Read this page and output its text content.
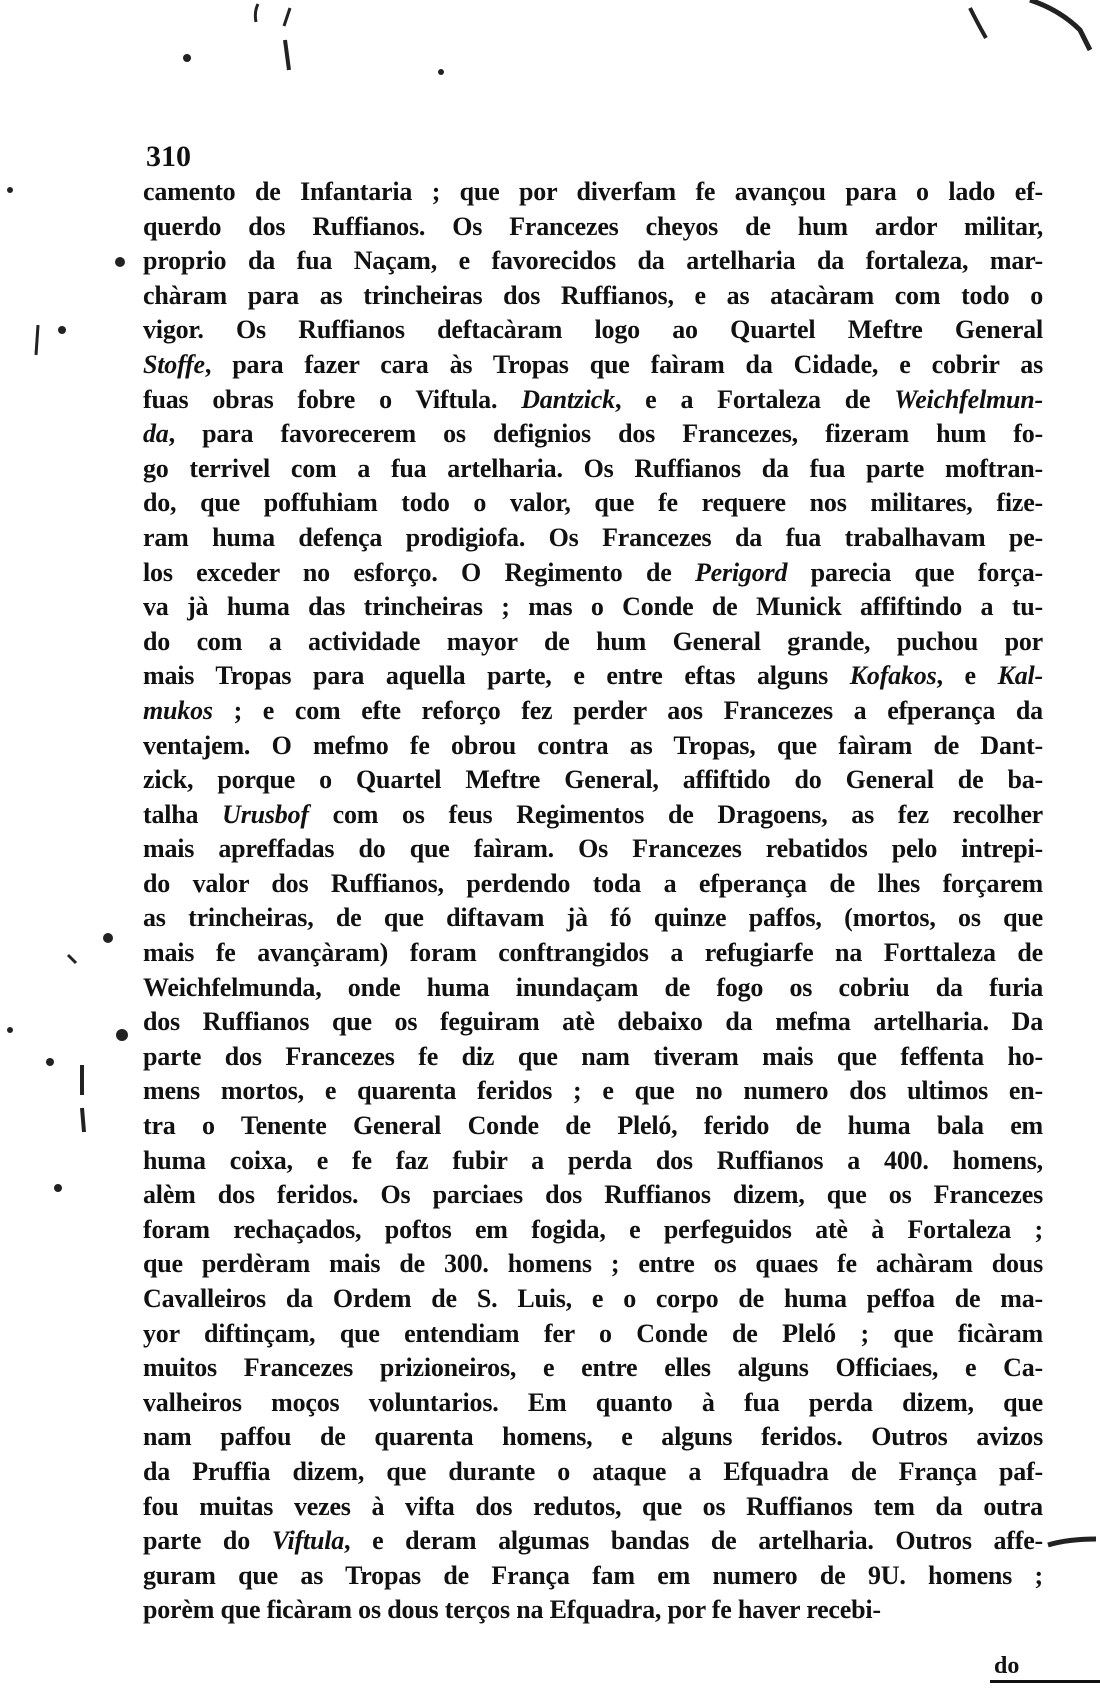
310
camento de Infantaria ; que por diverfam fe avançou para o lado ef-
querdo dos Ruffianos. Os Francezes cheyos de hum ardor militar,
proprio da fua Naçam, e favorecidos da artelharia da fortaleza, mar-
chàram para as trincheiras dos Ruffianos, e as atacàram com todo o
vigor. Os Ruffianos deftacàram logo ao Quartel Meftre General
Stoffe, para fazer cara às Tropas que faìram da Cidade, e cobrir as
fuas obras fobre o Viftula. Dantzick, e a Fortaleza de Weichfelmun-
da, para favorecerem os defignios dos Francezes, fizeram hum fo-
go terrivel com a fua artelharia. Os Ruffianos da fua parte moftran-
do, que poffuhiam todo o valor, que fe requere nos militares, fize-
ram huma defença prodigiofa. Os Francezes da fua trabalhavam pe-
los exceder no esforço. O Regimento de Perigord parecia que força-
va jà huma das trincheiras ; mas o Conde de Munick affiftindo a tu-
do com a actividade mayor de hum General grande, puchou por
mais Tropas para aquella parte, e entre eftas alguns Kofakos, e Kal-
mukos ; e com efte reforço fez perder aos Francezes a efperança da
ventajem. O mefmo fe obrou contra as Tropas, que faìram de Dant-
zick, porque o Quartel Meftre General, affiftido do General de ba-
talha Urusbof com os feus Regimentos de Dragoens, as fez recolher
mais apreffadas do que faìram. Os Francezes rebatidos pelo intrepi-
do valor dos Ruffianos, perdendo toda a efperança de lhes forçarem
as trincheiras, de que diftavam jà fó quinze paffos, (mortos, os que
mais fe avançàram) foram conftrangidos a refugiarfe na Forttaleza de
Weichfelmunda, onde huma inundaçam de fogo os cobriu da furia
dos Ruffianos que os feguiram atè debaixo da mefma artelharia. Da
parte dos Francezes fe diz que nam tiveram mais que feffenta ho-
mens mortos, e quarenta feridos ; e que no numero dos ultimos en-
tra o Tenente General Conde de Pleló, ferido de huma bala em
huma coixa, e fe faz fubir a perda dos Ruffianos a 400. homens,
alèm dos feridos. Os parciaes dos Ruffianos dizem, que os Francezes
foram rechaçados, poftos em fogida, e perfeguidos atè à Fortaleza ;
que perdèram mais de 300. homens ; entre os quaes fe achàram dous
Cavalleiros da Ordem de S. Luis, e o corpo de huma peffoa de ma-
yor diftinçam, que entendiam fer o Conde de Pleló ; que ficàram
muitos Francezes prizioneiros, e entre elles alguns Officiaes, e Ca-
valheiros moços voluntarios. Em quanto à fua perda dizem, que
nam paffou de quarenta homens, e alguns feridos. Outros avizos
da Pruffia dizem, que durante o ataque a Efquadra de França paf-
fou muitas vezes à vifta dos redutos, que os Ruffianos tem da outra
parte do Viftula, e deram algumas bandas de artelharia. Outros affe-
guram que as Tropas de França fam em numero de 9U. homens ;
porèm que ficàram os dous terços na Efquadra, por fe haver recebi-
do
